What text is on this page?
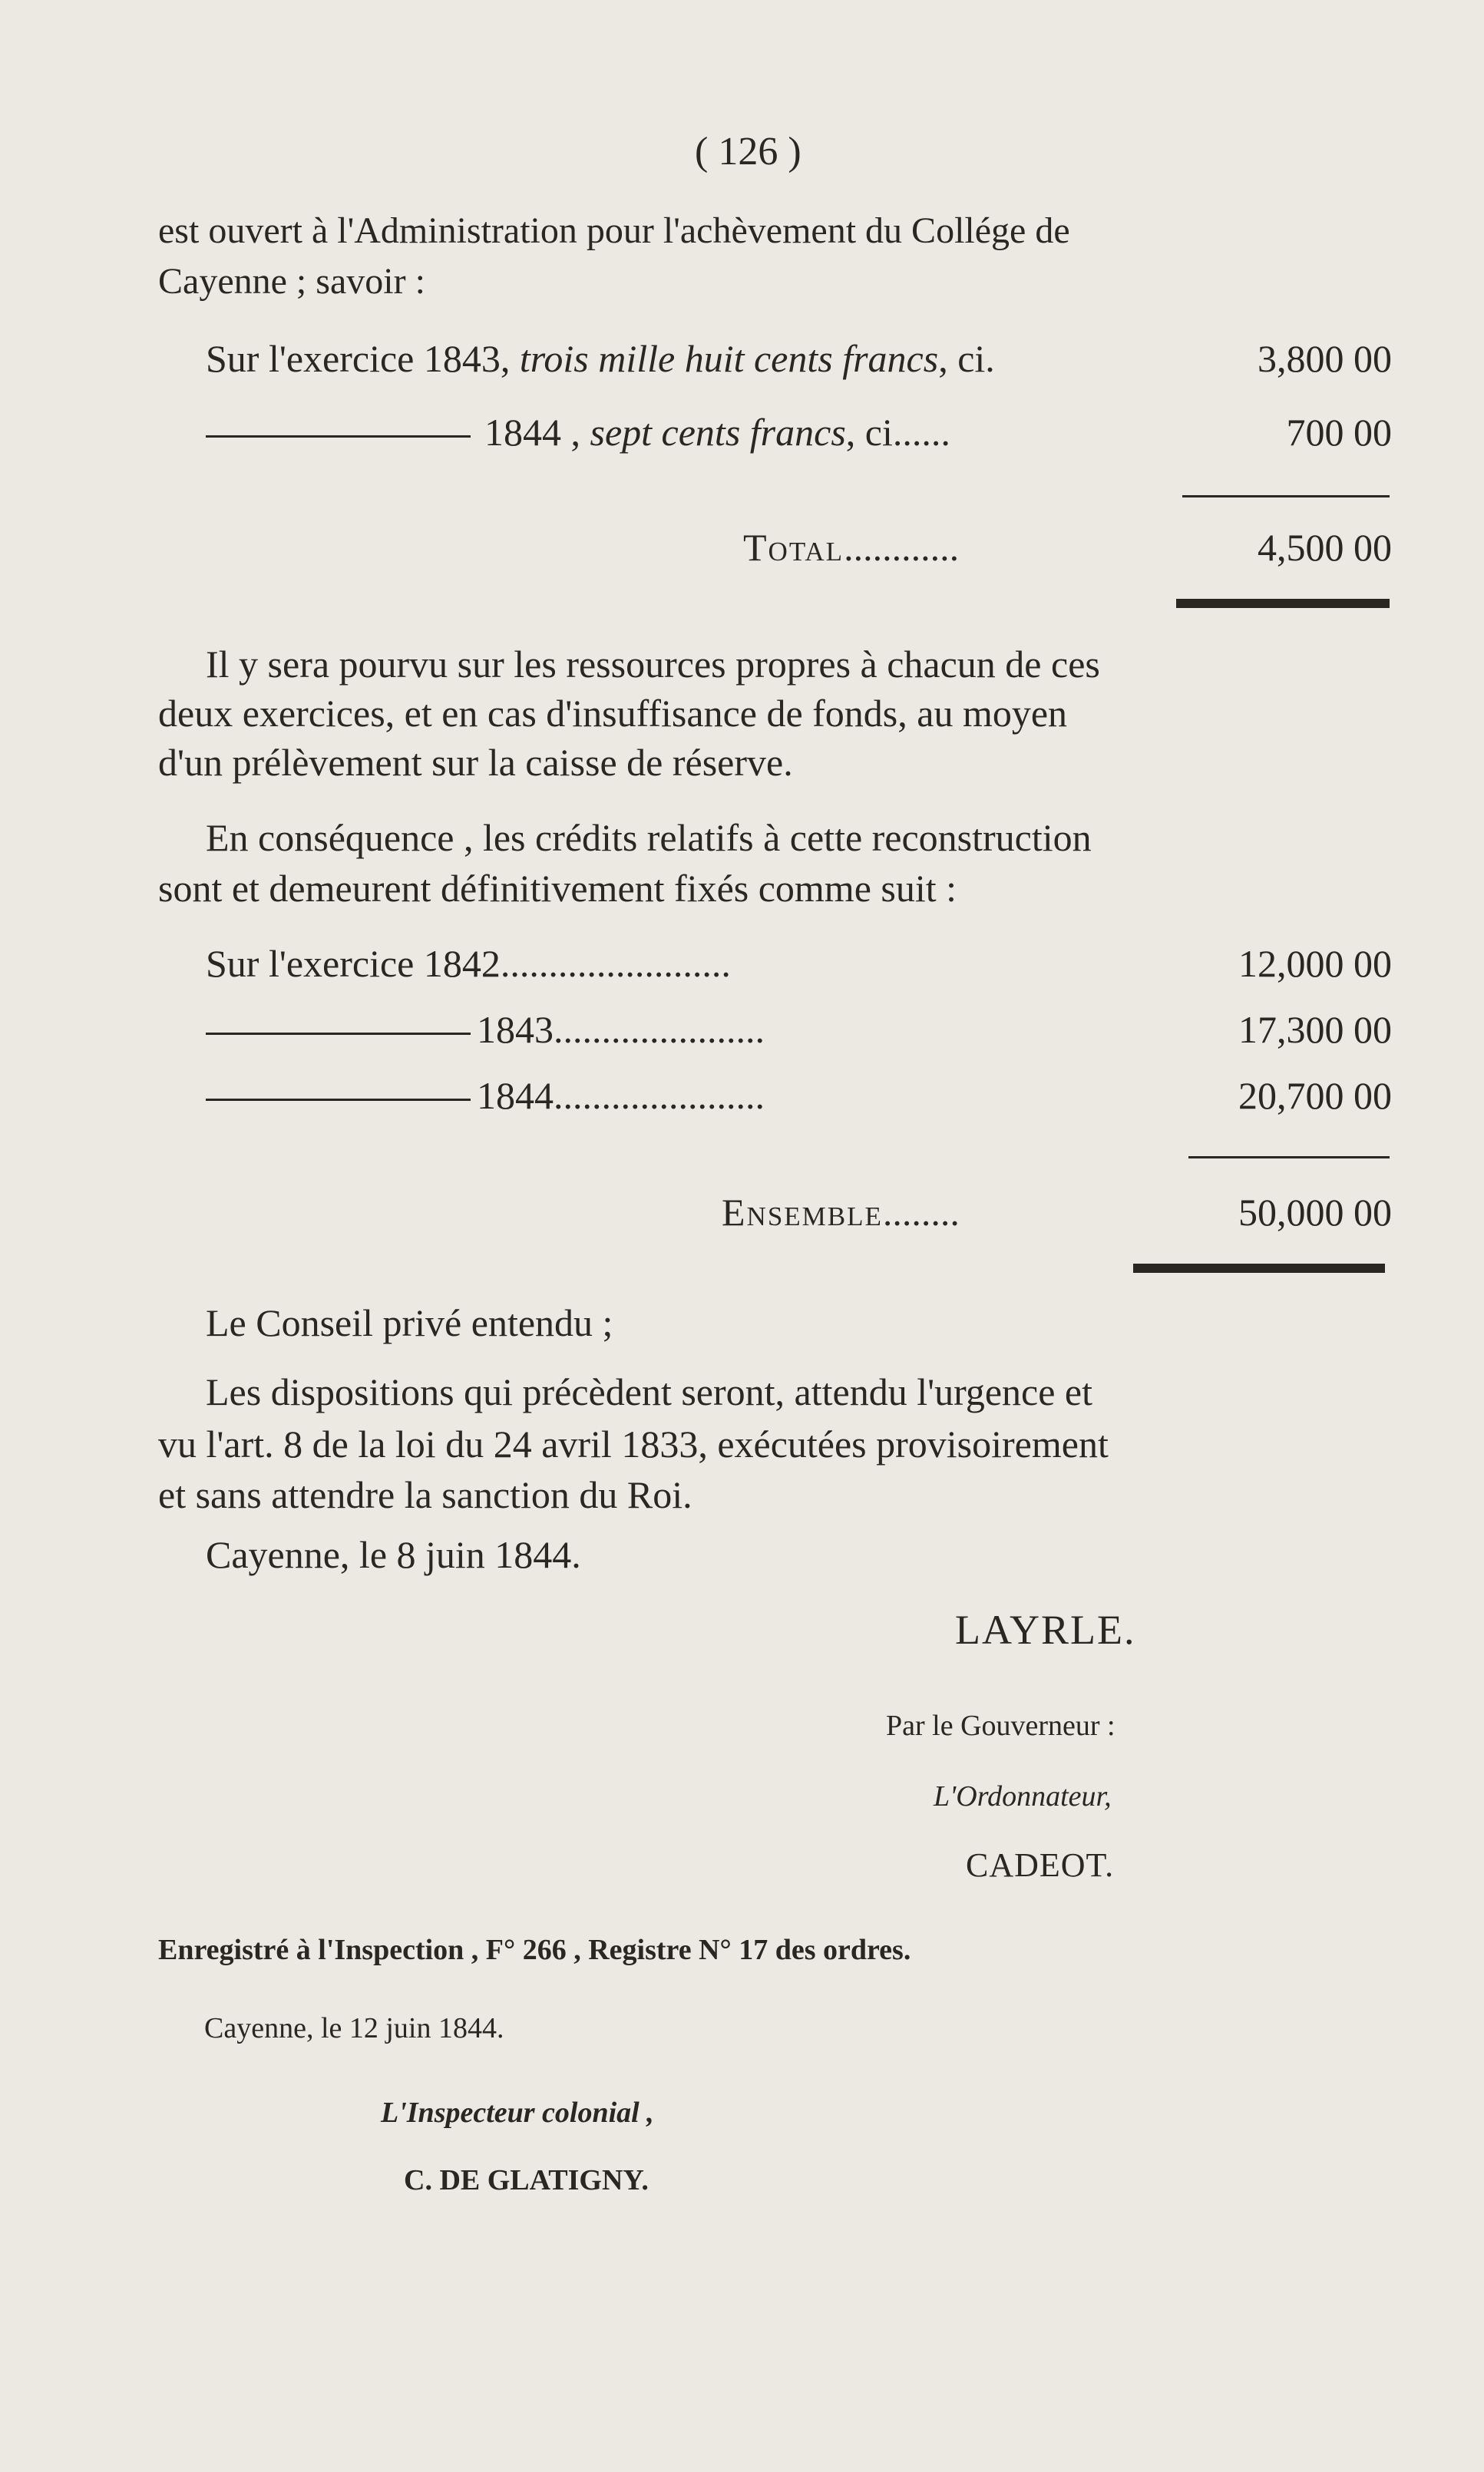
( 126 )
est ouvert à l'Administration pour l'achèvement du Collége de
Cayenne ; savoir :
Sur l'exercice 1843, trois mille huit cents francs, ci.	3,800 00
1844 , sept cents francs, ci......	700 00
Total............	4,500 00
Il y sera pourvu sur les ressources propres à chacun de ces
deux exercices, et en cas d'insuffisance de fonds, au moyen
d'un prélèvement sur la caisse de réserve.
En conséquence , les crédits relatifs à cette reconstruction
sont et demeurent définitivement fixés comme suit :
Sur l'exercice 1842........................	12,000 00
1843......................	17,300 00
1844......................	20,700 00
Ensemble........	50,000 00
Le Conseil privé entendu ;
Les dispositions qui précèdent seront, attendu l'urgence et
vu l'art. 8 de la loi du 24 avril 1833, exécutées provisoirement
et sans attendre la sanction du Roi.
Cayenne, le 8 juin 1844.
LAYRLE.
Par le Gouverneur :
L'Ordonnateur,
CADEOT.
Enregistré à l'Inspection , F° 266 , Registre N° 17 des ordres.
Cayenne, le 12 juin 1844.
L'Inspecteur colonial ,
C. DE GLATIGNY.
